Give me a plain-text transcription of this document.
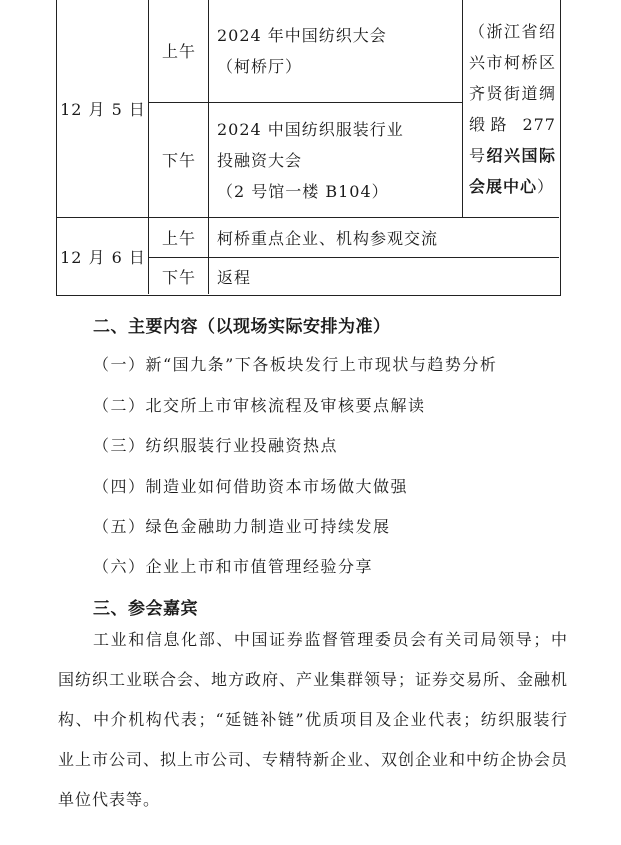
12 月 5 日
上午
2024 年中国纺织大会
（柯桥厅）
下午
2024 中国纺织服装行业
投融资大会
（2 号馆一楼 B104）
（浙江省绍兴市柯桥区齐贤街道绸缎路 277 号绍兴国际会展中心）
12 月 6 日
上午	柯桥重点企业、机构参观交流
下午	返程
二、主要内容（以现场实际安排为准）
（一）新“国九条”下各板块发行上市现状与趋势分析
（二）北交所上市审核流程及审核要点解读
（三）纺织服装行业投融资热点
（四）制造业如何借助资本市场做大做强
（五）绿色金融助力制造业可持续发展
（六）企业上市和市值管理经验分享
三、参会嘉宾
工业和信息化部、中国证券监督管理委员会有关司局领导；中国纺织工业联合会、地方政府、产业集群领导；证券交易所、金融机构、中介机构代表；“延链补链”优质项目及企业代表；纺织服装行业上市公司、拟上市公司、专精特新企业、双创企业和中纺企协会员单位代表等。
